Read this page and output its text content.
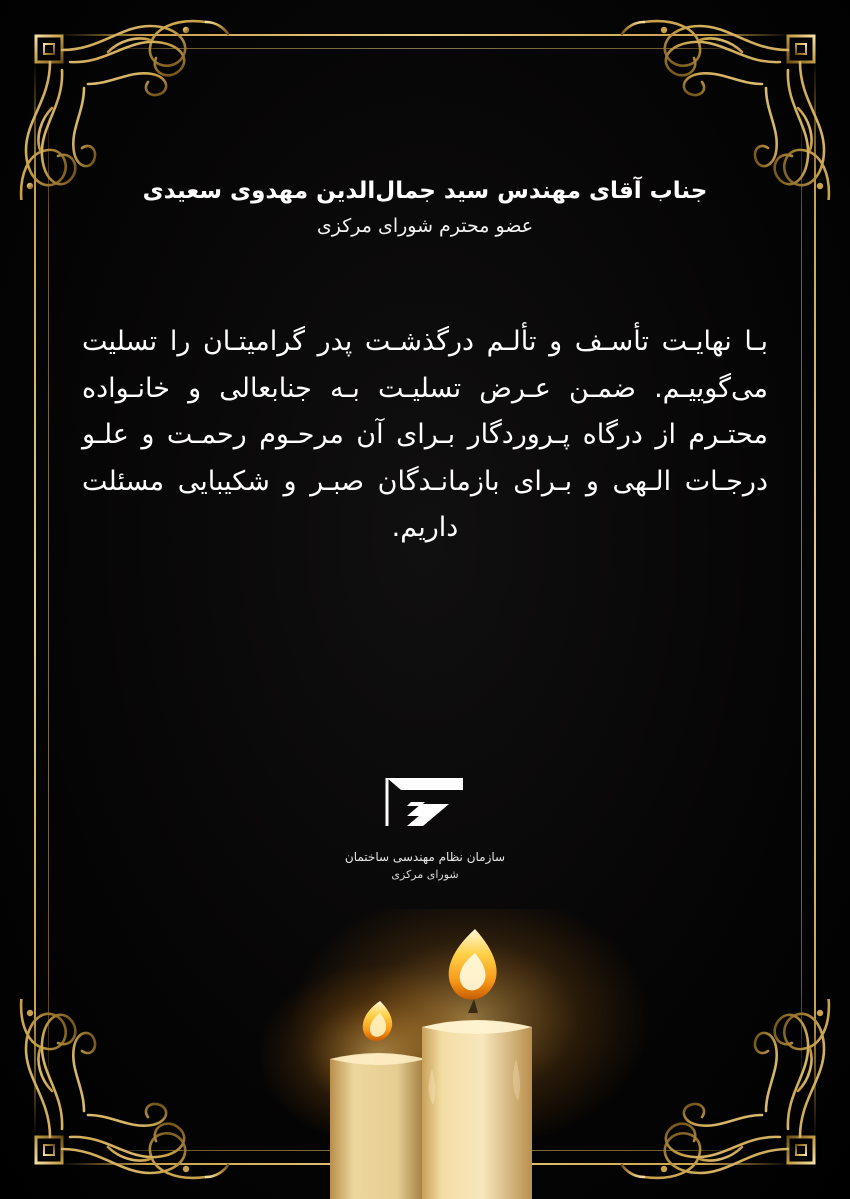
جناب آقای مهندس سید جمال‌الدین مهدوی سعیدی
عضو محترم شورای مرکزی

بـا نهایـت تأسـف و تألـم درگذشـت پدر گرامیتـان را تسلیت می‌گوییـم. ضمـن عـرض تسلیـت بـه جنابعالی و خانـواده محتـرم از درگاه پـروردگار بـرای آن مرحـوم رحمـت و علـو درجـات الـهی و بـرای بازمانـدگان صبـر و شکیبایی مسئلت داریم.

سازمان نظام مهندسی ساختمان
شورای مرکزی
